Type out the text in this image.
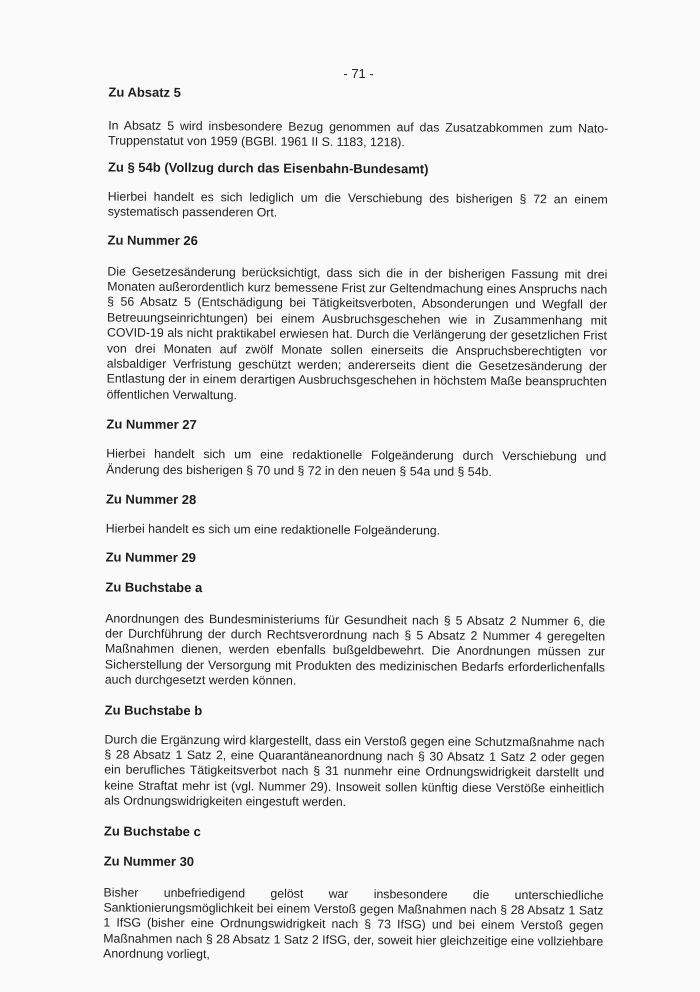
- 71 -
Zu Absatz 5

In Absatz 5 wird insbesondere Bezug genommen auf das Zusatzabkommen zum Nato-Truppenstatut von 1959 (BGBl. 1961 II S. 1183, 1218).

Zu § 54b (Vollzug durch das Eisenbahn-Bundesamt)

Hierbei handelt es sich lediglich um die Verschiebung des bisherigen § 72 an einem systematisch passenderen Ort.

Zu Nummer 26

Die Gesetzesänderung berücksichtigt, dass sich die in der bisherigen Fassung mit drei Monaten außerordentlich kurz bemessene Frist zur Geltendmachung eines Anspruchs nach § 56 Absatz 5 (Entschädigung bei Tätigkeitsverboten, Absonderungen und Wegfall der Betreuungseinrichtungen) bei einem Ausbruchsgeschehen wie in Zusammenhang mit COVID-19 als nicht praktikabel erwiesen hat. Durch die Verlängerung der gesetzlichen Frist von drei Monaten auf zwölf Monate sollen einerseits die Anspruchsberechtigten vor alsbaldiger Verfristung geschützt werden; andererseits dient die Gesetzesänderung der Entlastung der in einem derartigen Ausbruchsgeschehen in höchstem Maße beanspruchten öffentlichen Verwaltung.

Zu Nummer 27

Hierbei handelt sich um eine redaktionelle Folgeänderung durch Verschiebung und Änderung des bisherigen § 70 und § 72 in den neuen § 54a und § 54b.

Zu Nummer 28

Hierbei handelt es sich um eine redaktionelle Folgeänderung.

Zu Nummer 29
Zu Buchstabe a

Anordnungen des Bundesministeriums für Gesundheit nach § 5 Absatz 2 Nummer 6, die der Durchführung der durch Rechtsverordnung nach § 5 Absatz 2 Nummer 4 geregelten Maßnahmen dienen, werden ebenfalls bußgeldbewehrt. Die Anordnungen müssen zur Sicherstellung der Versorgung mit Produkten des medizinischen Bedarfs erforderlichenfalls auch durchgesetzt werden können.

Zu Buchstabe b

Durch die Ergänzung wird klargestellt, dass ein Verstoß gegen eine Schutzmaßnahme nach § 28 Absatz 1 Satz 2, eine Quarantäneanordnung nach § 30 Absatz 1 Satz 2 oder gegen ein berufliches Tätigkeitsverbot nach § 31 nunmehr eine Ordnungswidrigkeit darstellt und keine Straftat mehr ist (vgl. Nummer 29). Insoweit sollen künftig diese Verstöße einheitlich als Ordnungswidrigkeiten eingestuft werden.

Zu Buchstabe c
Zu Nummer 30

Bisher unbefriedigend gelöst war insbesondere die unterschiedliche Sanktionierungsmöglichkeit bei einem Verstoß gegen Maßnahmen nach § 28 Absatz 1 Satz 1 IfSG (bisher eine Ordnungswidrigkeit nach § 73 IfSG) und bei einem Verstoß gegen Maßnahmen nach § 28 Absatz 1 Satz 2 IfSG, der, soweit hier gleichzeitige eine vollziehbare Anordnung vorliegt,
